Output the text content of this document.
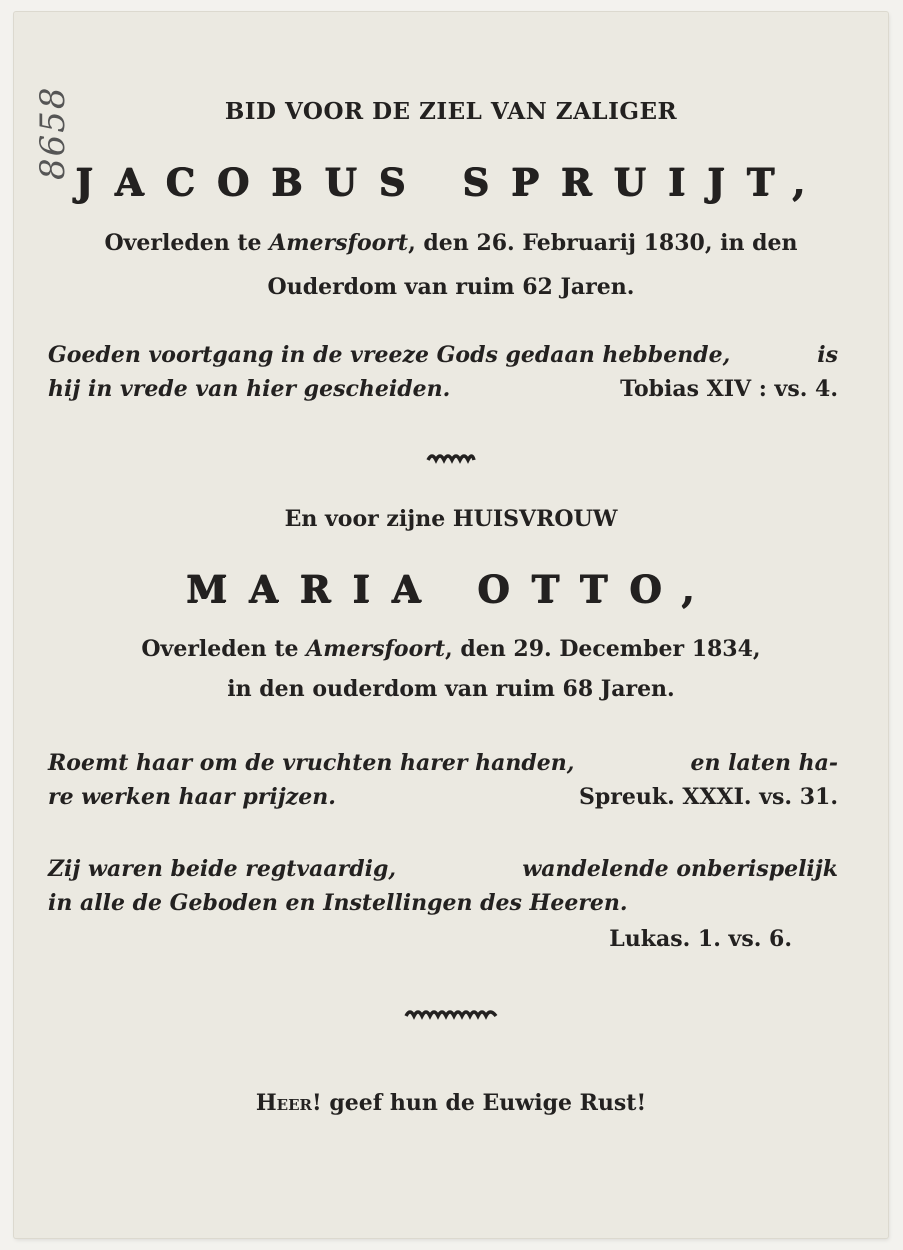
8658	BID VOOR DE ZIEL VAN ZALIGER
JACOBUS SPRUIJT,
Overleden te Amersfoort, den 26. Februarij 1830, in den
Ouderdom van ruim 62 Jaren.
Goeden voortgang in de vreeze Gods gedaan hebbende,	is
hij in vrede van hier gescheiden.	Tobias XIV : vs. 4.
En voor zijne HUISVROUW
MARIA OTTO,
Overleden te Amersfoort, den 29. December 1834,
in den ouderdom van ruim 68 Jaren.
Roemt haar om de vruchten harer handen,	en laten ha-
re werken haar prijzen.	Spreuk. XXXI. vs. 31.
Zij waren beide regtvaardig,	wandelende onberispelijk
in alle de Geboden en Instellingen des Heeren.
Lukas. 1. vs. 6.
Heer! geef hun de Euwige Rust!
